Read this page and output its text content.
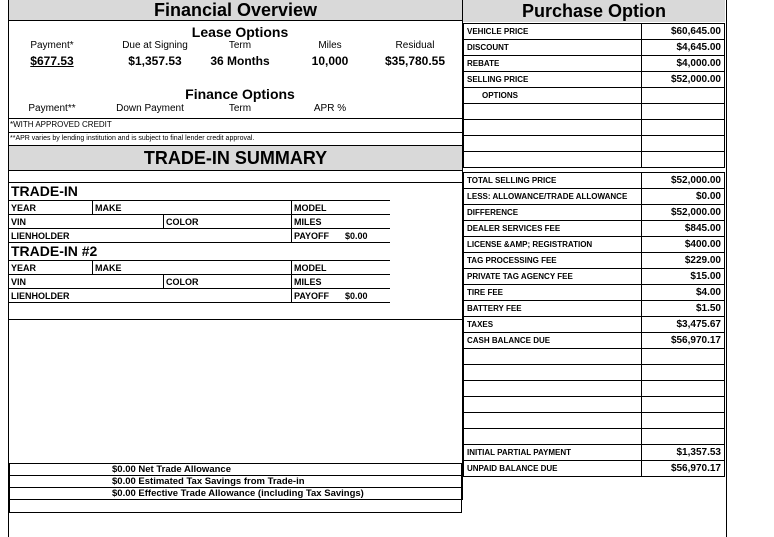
Financial Overview
Lease Options
Payment*	Due at Signing	Term	Miles	Residual
$677.53	$1,357.53	36 Months	10,000	$35,780.55
Finance Options
Payment**	Down Payment	Term	APR %
*WITH APPROVED CREDIT
**APR varies by lending institution and is subject to final lender credit approval.
TRADE-IN SUMMARY
TRADE-IN
YEAR	MAKE	MODEL
VIN	COLOR	MILES
LIENHOLDER	PAYOFF $0.00
TRADE-IN #2
YEAR	MAKE	MODEL
VIN	COLOR	MILES
LIENHOLDER	PAYOFF $0.00
$0.00 Net Trade Allowance
$0.00 Estimated Tax Savings from Trade-in
$0.00 Effective Trade Allowance (including Tax Savings)
Purchase Option
VEHICLE PRICE	$60,645.00
DISCOUNT	$4,645.00
REBATE	$4,000.00
SELLING PRICE	$52,000.00
OPTIONS	

TOTAL SELLING PRICE	$52,000.00
LESS: ALLOWANCE/TRADE ALLOWANCE	$0.00
DIFFERENCE	$52,000.00
DEALER SERVICES FEE	$845.00
LICENSE &AMP; REGISTRATION	$400.00
TAG PROCESSING FEE	$229.00
PRIVATE TAG AGENCY FEE	$15.00
TIRE FEE	$4.00
BATTERY FEE	$1.50
TAXES	$3,475.67
CASH BALANCE DUE	$56,970.17

INITIAL PARTIAL PAYMENT	$1,357.53
UNPAID BALANCE DUE	$56,970.17
